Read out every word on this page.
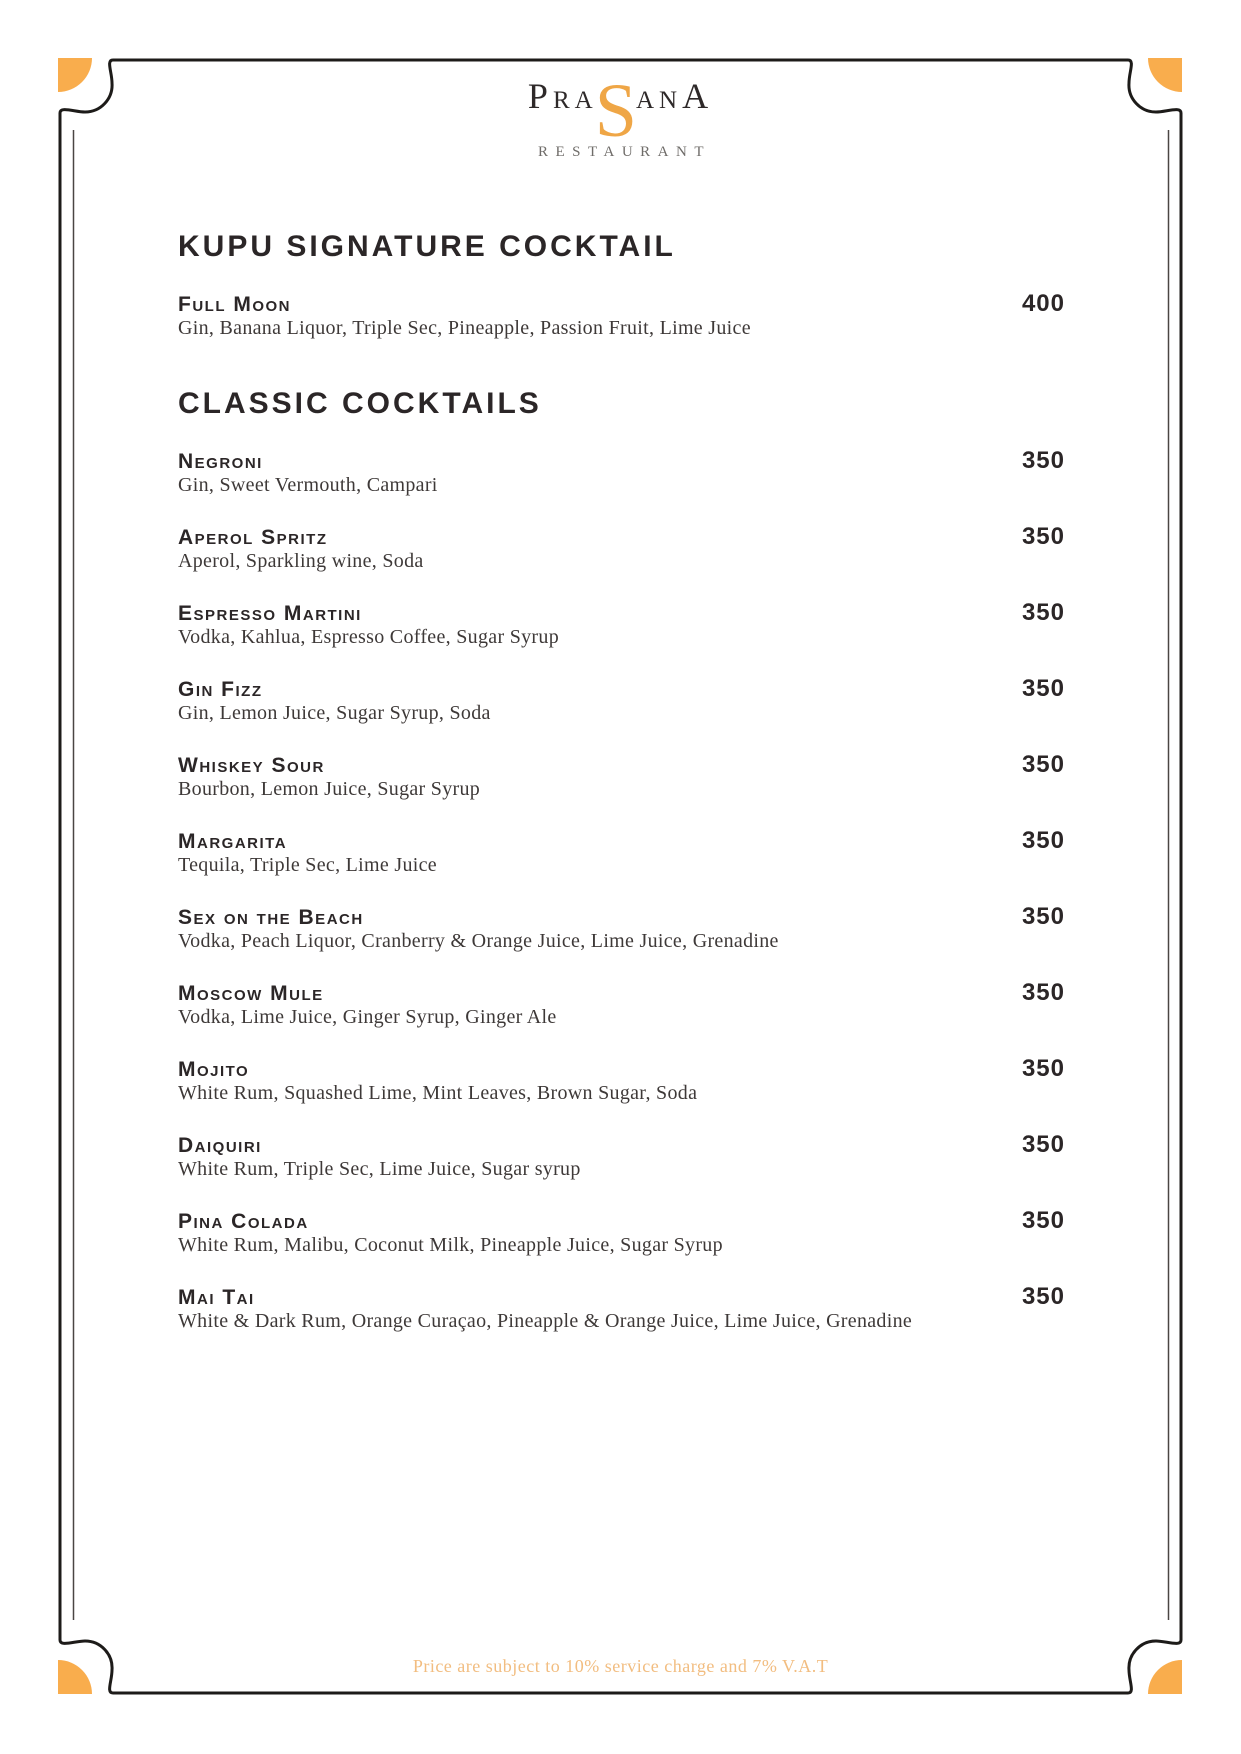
PraSanA
RESTAURANT
KUPU SIGNATURE COCKTAIL
Full Moon	400
Gin, Banana Liquor, Triple Sec, Pineapple, Passion Fruit, Lime Juice
CLASSIC COCKTAILS
Negroni	350
Gin, Sweet Vermouth, Campari
Aperol Spritz	350
Aperol, Sparkling wine, Soda
Espresso Martini	350
Vodka, Kahlua, Espresso Coffee, Sugar Syrup
Gin Fizz	350
Gin, Lemon Juice, Sugar Syrup, Soda
Whiskey Sour	350
Bourbon, Lemon Juice, Sugar Syrup
Margarita	350
Tequila, Triple Sec, Lime Juice
Sex on the Beach	350
Vodka, Peach Liquor, Cranberry & Orange Juice, Lime Juice, Grenadine
Moscow Mule	350
Vodka, Lime Juice, Ginger Syrup, Ginger Ale
Mojito	350
White Rum, Squashed Lime, Mint Leaves, Brown Sugar, Soda
Daiquiri	350
White Rum, Triple Sec, Lime Juice, Sugar syrup
Pina Colada	350
White Rum, Malibu, Coconut Milk, Pineapple Juice, Sugar Syrup
Mai Tai	350
White & Dark Rum, Orange Curaçao, Pineapple & Orange Juice, Lime Juice, Grenadine
Price are subject to 10% service charge and 7% V.A.T
